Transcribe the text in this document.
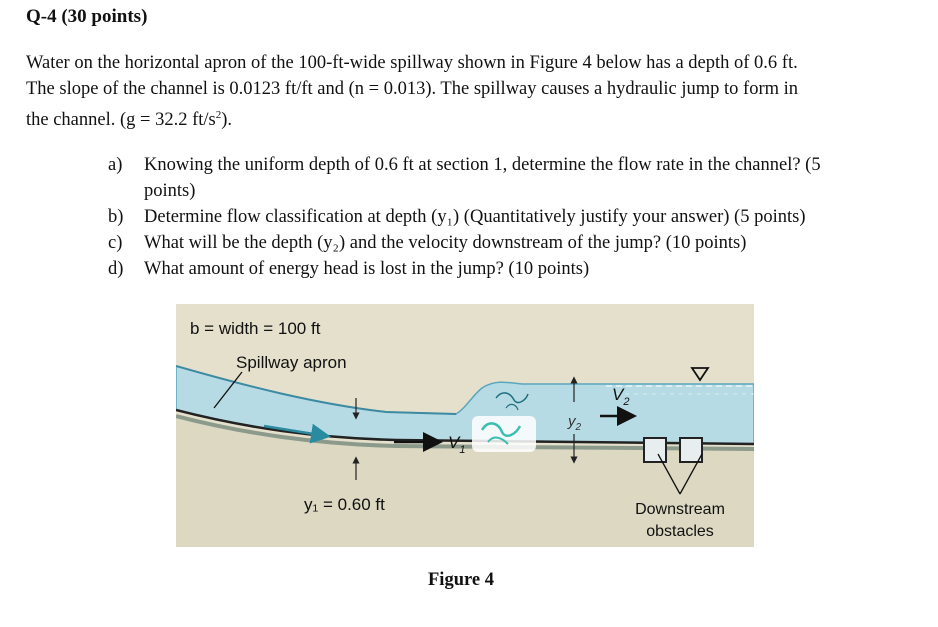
Q-4 (30 points)
Water on the horizontal apron of the 100-ft-wide spillway shown in Figure 4 below has a depth of 0.6 ft.
The slope of the channel is 0.0123 ft/ft and (n = 0.013). The spillway causes a hydraulic jump to form in
the channel. (g = 32.2 $ft/s^2$).
a) Knowing the uniform depth of 0.6 ft at section 1, determine the flow rate in the channel? (5
points)
b) Determine flow classification at depth (y₁) (Quantitatively justify your answer) (5 points)
c) What will be the depth (y₂) and the velocity downstream of the jump? (10 points)
d) What amount of energy head is lost in the jump? (10 points)
b = width = 100 ft
Spillway apron
$V_1$
$V_2$
$y_2$
y₁ = 0.60 ft	Downstream
obstacles
Figure 4
